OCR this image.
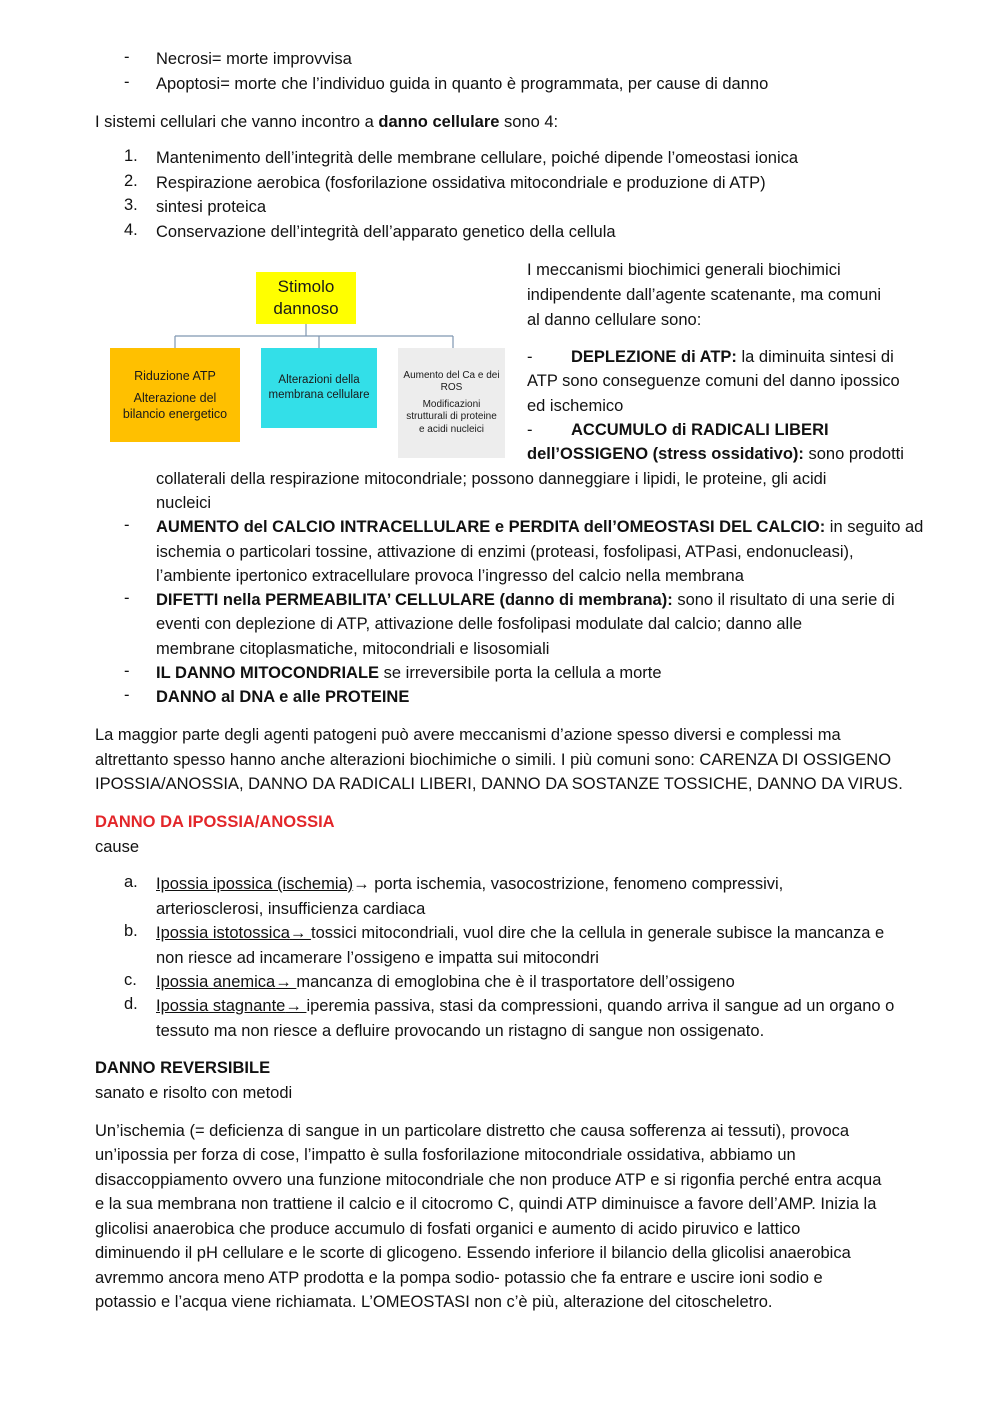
- Necrosi= morte improvvisa
- Apoptosi= morte che l’individuo guida in quanto è programmata, per cause di danno
I sistemi cellulari che vanno incontro a danno cellulare sono 4:
1. Mantenimento dell’integrità delle membrane cellulare, poiché dipende l’omeostasi ionica
2. Respirazione aerobica (fosforilazione ossidativa mitocondriale e produzione di ATP)
3. sintesi proteica
4. Conservazione dell’integrità dell’apparato genetico della cellula
Stimolo
dannoso
Riduzione ATP
Alterazione del
bilancio energetico
Alterazioni della
membrana cellulare
Aumento del Ca e dei
ROS
Modificazioni
strutturali di proteine
e acidi nucleici
I meccanismi biochimici generali biochimici
indipendente dall’agente scatenante, ma comuni
al danno cellulare sono:
- DEPLEZIONE di ATP: la diminuita sintesi di
ATP sono conseguenze comuni del danno ipossico
ed ischemico
- ACCUMULO di RADICALI LIBERI
dell’OSSIGENO (stress ossidativo): sono prodotti
collaterali della respirazione mitocondriale; possono danneggiare i lipidi, le proteine, gli acidi
nucleici
- AUMENTO del CALCIO INTRACELLULARE e PERDITA dell’OMEOSTASI DEL CALCIO: in seguito ad
ischemia o particolari tossine, attivazione di enzimi (proteasi, fosfolipasi, ATPasi, endonucleasi),
l’ambiente ipertonico extracellulare provoca l’ingresso del calcio nella membrana
- DIFETTI nella PERMEABILITA’ CELLULARE (danno di membrana): sono il risultato di una serie di
eventi con deplezione di ATP, attivazione delle fosfolipasi modulate dal calcio; danno alle
membrane citoplasmatiche, mitocondriali e lisosomiali
- IL DANNO MITOCONDRIALE se irreversibile porta la cellula a morte
- DANNO al DNA e alle PROTEINE
La maggior parte degli agenti patogeni può avere meccanismi d’azione spesso diversi e complessi ma
altrettanto spesso hanno anche alterazioni biochimiche o simili. I più comuni sono: CARENZA DI OSSIGENO
IPOSSIA/ANOSSIA, DANNO DA RADICALI LIBERI, DANNO DA SOSTANZE TOSSICHE, DANNO DA VIRUS.
DANNO DA IPOSSIA/ANOSSIA
cause
a. Ipossia ipossica (ischemia)→ porta ischemia, vasocostrizione, fenomeno compressivi,
arteriosclerosi, insufficienza cardiaca
b. Ipossia istotossica→ tossici mitocondriali, vuol dire che la cellula in generale subisce la mancanza e
non riesce ad incamerare l’ossigeno e impatta sui mitocondri
c. Ipossia anemica→ mancanza di emoglobina che è il trasportatore dell’ossigeno
d. Ipossia stagnante→ iperemia passiva, stasi da compressioni, quando arriva il sangue ad un organo o
tessuto ma non riesce a defluire provocando un ristagno di sangue non ossigenato.
DANNO REVERSIBILE
sanato e risolto con metodi
Un’ischemia (= deficienza di sangue in un particolare distretto che causa sofferenza ai tessuti), provoca
un’ipossia per forza di cose, l’impatto è sulla fosforilazione mitocondriale ossidativa, abbiamo un
disaccoppiamento ovvero una funzione mitocondriale che non produce ATP e si rigonfia perché entra acqua
e la sua membrana non trattiene il calcio e il citocromo C, quindi ATP diminuisce a favore dell’AMP. Inizia la
glicolisi anaerobica che produce accumulo di fosfati organici e aumento di acido piruvico e lattico
diminuendo il pH cellulare e le scorte di glicogeno. Essendo inferiore il bilancio della glicolisi anaerobica
avremmo ancora meno ATP prodotta e la pompa sodio- potassio che fa entrare e uscire ioni sodio e
potassio e l’acqua viene richiamata. L’OMEOSTASI non c’è più, alterazione del citoscheletro.
